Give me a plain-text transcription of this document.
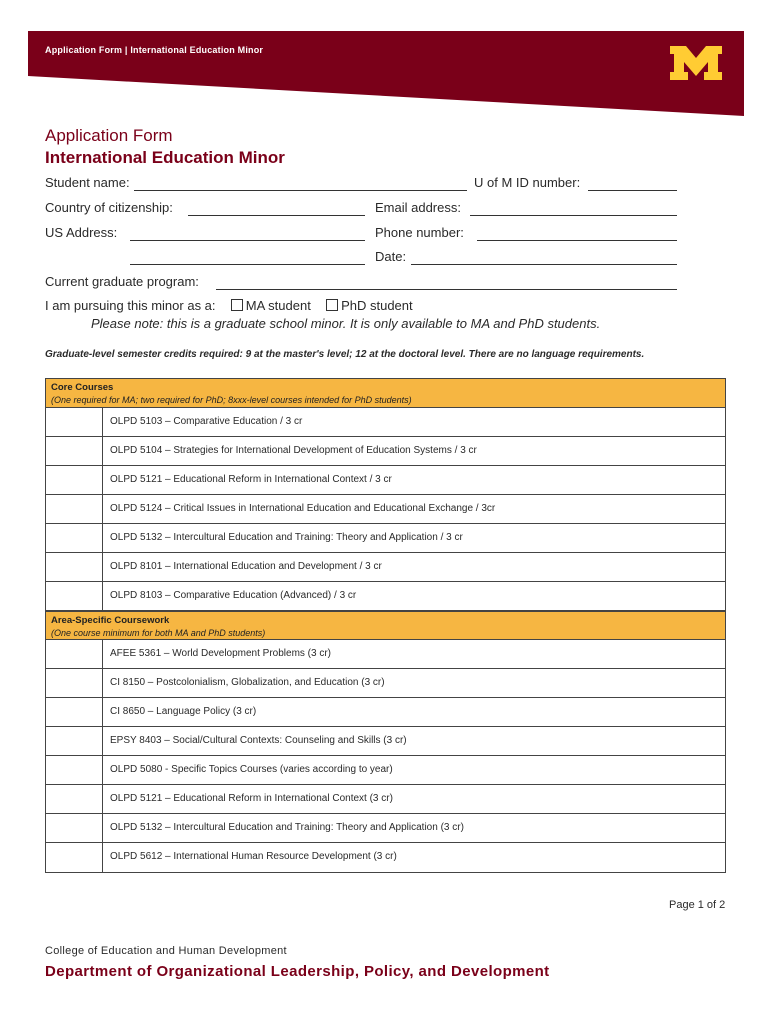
Application Form | International Education Minor
Application Form
International Education Minor
Student name:	U of M ID number:
Country of citizenship:	Email address:
US Address:	Phone number:
Date:
Current graduate program:
I am pursuing this minor as a: MA student PhD student
Please note: this is a graduate school minor. It is only available to MA and PhD students.
Graduate-level semester credits required: 9 at the master's level; 12 at the doctoral level. There are no language requirements.
Core Courses
(One required for MA; two required for PhD; 8xxx-level courses intended for PhD students)
OLPD 5103 – Comparative Education / 3 cr
OLPD 5104 – Strategies for International Development of Education Systems / 3 cr
OLPD 5121 – Educational Reform in International Context / 3 cr
OLPD 5124 – Critical Issues in International Education and Educational Exchange / 3cr
OLPD 5132 – Intercultural Education and Training: Theory and Application / 3 cr
OLPD 8101 – International Education and Development / 3 cr
OLPD 8103 – Comparative Education (Advanced) / 3 cr
Area-Specific Coursework
(One course minimum for both MA and PhD students)
AFEE 5361 – World Development Problems (3 cr)
CI 8150 – Postcolonialism, Globalization, and Education (3 cr)
CI 8650 – Language Policy (3 cr)
EPSY 8403 – Social/Cultural Contexts: Counseling and Skills (3 cr)
OLPD 5080 - Specific Topics Courses (varies according to year)
OLPD 5121 – Educational Reform in International Context (3 cr)
OLPD 5132 – Intercultural Education and Training: Theory and Application (3 cr)
OLPD 5612 – International Human Resource Development (3 cr)
Page 1 of 2
College of Education and Human Development
Department of Organizational Leadership, Policy, and Development
